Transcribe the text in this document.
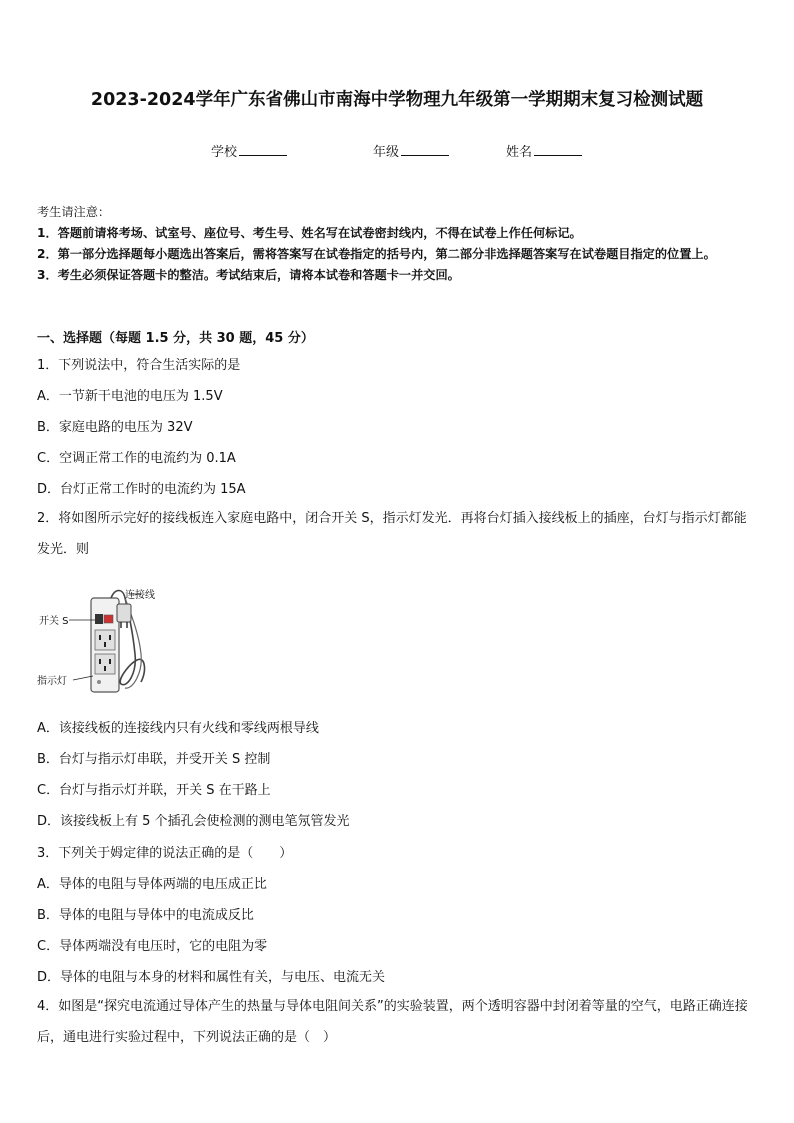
2023-2024学年广东省佛山市南海中学物理九年级第一学期期末复习检测试题
学校	年级	姓名
考生请注意：
1．答题前请将考场、试室号、座位号、考生号、姓名写在试卷密封线内，不得在试卷上作任何标记。
2．第一部分选择题每小题选出答案后，需将答案写在试卷指定的括号内，第二部分非选择题答案写在试卷题目指定的位置上。
3．考生必须保证答题卡的整洁。考试结束后，请将本试卷和答题卡一并交回。
一、选择题（每题 1.5 分，共 30 题，45 分）
1．下列说法中，符合生活实际的是
A．一节新干电池的电压为 1.5V
B．家庭电路的电压为 32V
C．空调正常工作的电流约为 0.1A
D．台灯正常工作时的电流约为 15A
2．将如图所示完好的接线板连入家庭电路中，闭合开关 S，指示灯发光．再将台灯插入接线板上的插座，台灯与指示灯都能发光．则
连接线
开关 S
指示灯
A．该接线板的连接线内只有火线和零线两根导线
B．台灯与指示灯串联，并受开关 S 控制
C．台灯与指示灯并联，开关 S 在干路上
D．该接线板上有 5 个插孔会使检测的测电笔氖管发光
3．下列关于姆定律的说法正确的是（　　）
A．导体的电阻与导体两端的电压成正比
B．导体的电阻与导体中的电流成反比
C．导体两端没有电压时，它的电阻为零
D．导体的电阻与本身的材料和属性有关，与电压、电流无关
4．如图是“探究电流通过导体产生的热量与导体电阻间关系”的实验装置，两个透明容器中封闭着等量的空气，电路正确连接后，通电进行实验过程中，下列说法正确的是（　）
